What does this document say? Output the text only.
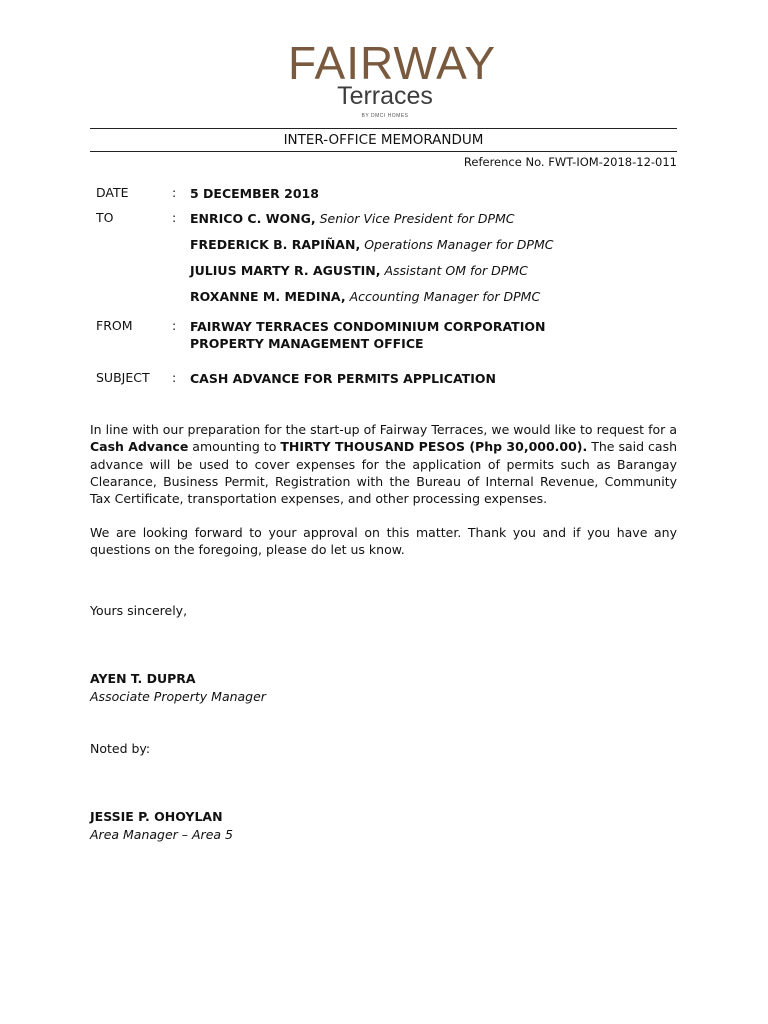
FAIRWAY
Terraces
BY DMCI HOMES
INTER-OFFICE MEMORANDUM
Reference No. FWT-IOM-2018-12-011
DATE	: 5 DECEMBER 2018
TO	: ENRICO C. WONG, Senior Vice President for DPMC
FREDERICK B. RAPIÑAN, Operations Manager for DPMC
JULIUS MARTY R. AGUSTIN, Assistant OM for DPMC
ROXANNE M. MEDINA, Accounting Manager for DPMC
FROM	: FAIRWAY TERRACES CONDOMINIUM CORPORATION
PROPERTY MANAGEMENT OFFICE
SUBJECT : CASH ADVANCE FOR PERMITS APPLICATION
In line with our preparation for the start-up of Fairway Terraces, we would like to request for a Cash Advance amounting to THIRTY THOUSAND PESOS (Php 30,000.00). The said cash advance will be used to cover expenses for the application of permits such as Barangay Clearance, Business Permit, Registration with the Bureau of Internal Revenue, Community Tax Certificate, transportation expenses, and other processing expenses.
We are looking forward to your approval on this matter. Thank you and if you have any questions on the foregoing, please do let us know.
Yours sincerely,
AYEN T. DUPRA
Associate Property Manager
Noted by:
JESSIE P. OHOYLAN
Area Manager – Area 5
